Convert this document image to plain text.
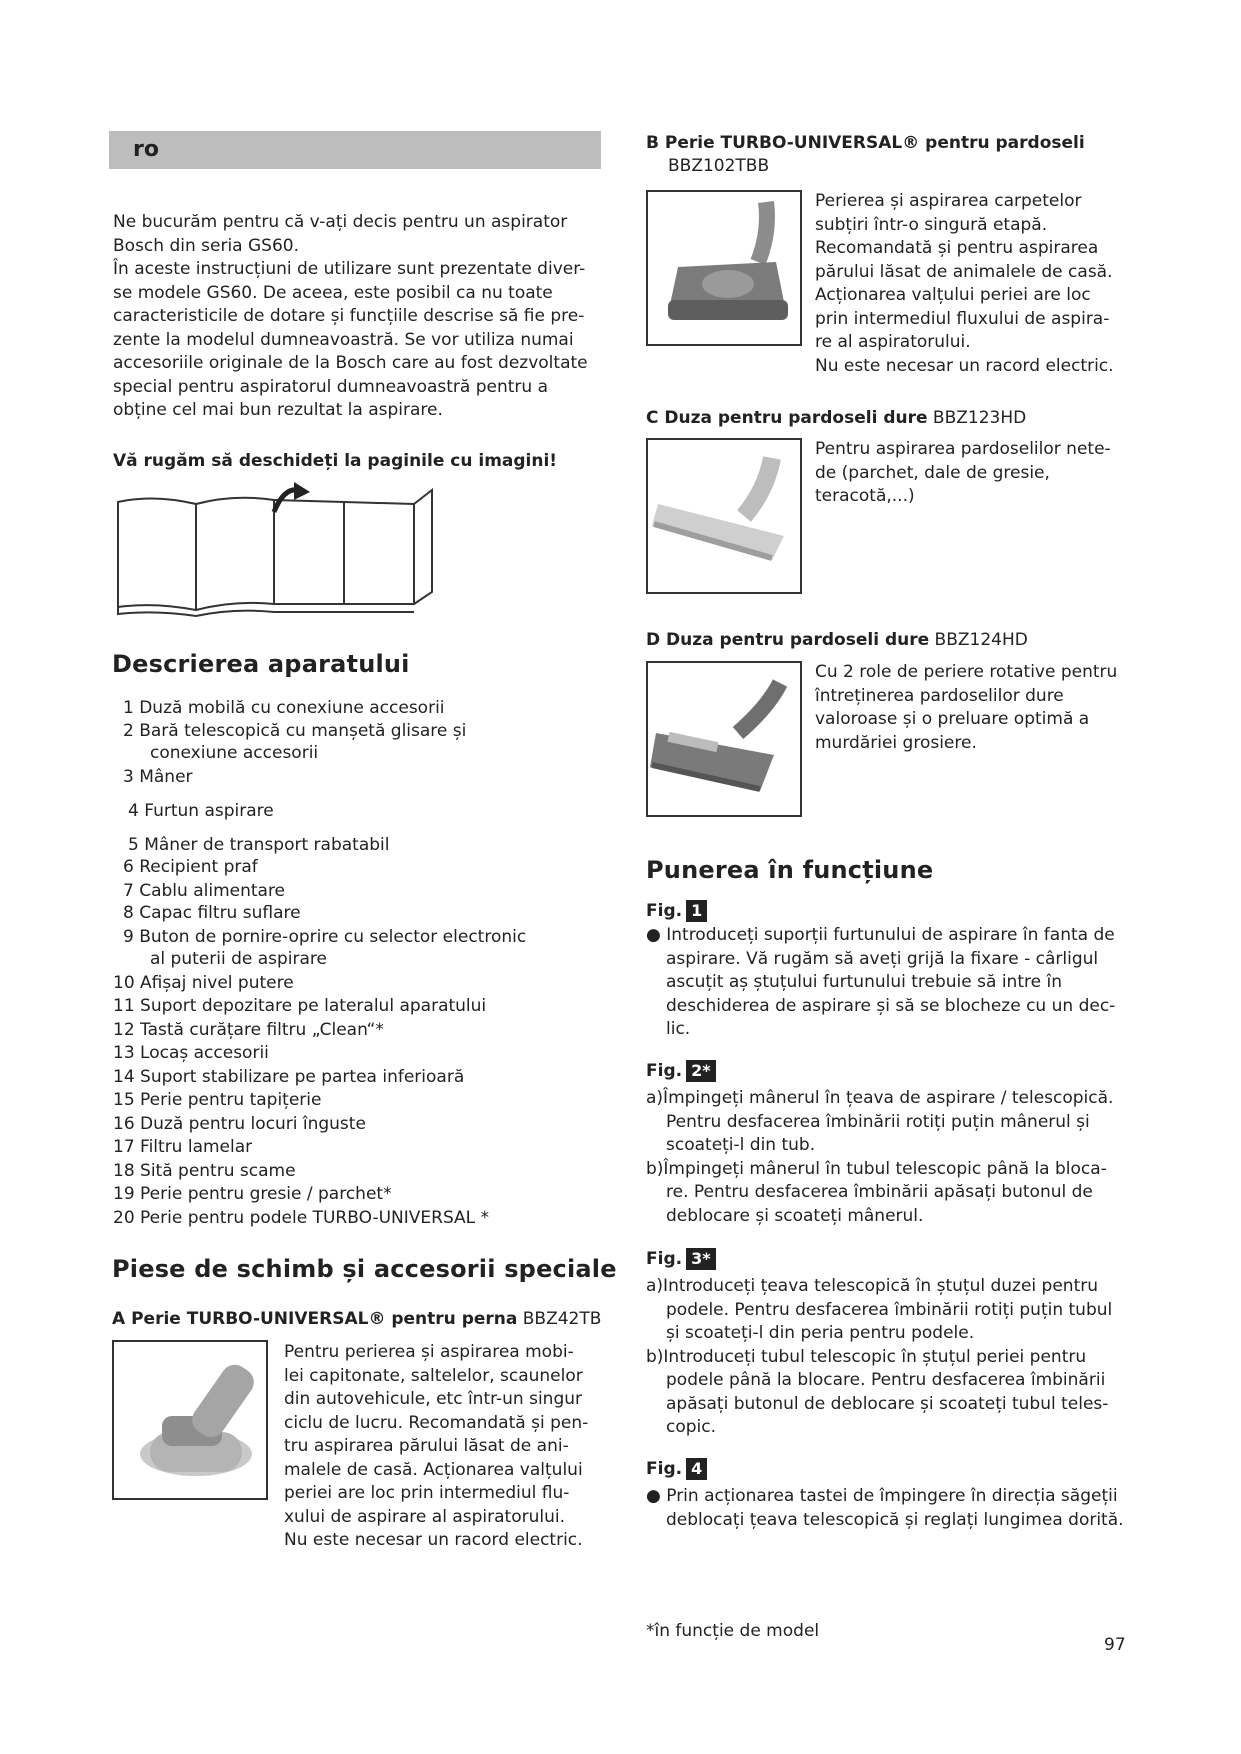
ro
Ne bucurăm pentru că v-ați decis pentru un aspirator
Bosch din seria GS60.
În aceste instrucțiuni de utilizare sunt prezentate diver-
se modele GS60. De aceea, este posibil ca nu toate
caracteristicile de dotare și funcțiile descrise să fie pre-
zente la modelul dumneavoastră. Se vor utiliza numai
accesoriile originale de la Bosch care au fost dezvoltate
special pentru aspiratorul dumneavoastră pentru a
obține cel mai bun rezultat la aspirare.
Vă rugăm să deschideți la paginile cu imagini!
Descrierea aparatului
1 Duză mobilă cu conexiune accesorii
2 Bară telescopică cu manșetă glisare și
conexiune accesorii
3 Mâner
4 Furtun aspirare
5 Mâner de transport rabatabil
6 Recipient praf
7 Cablu alimentare
8 Capac filtru suflare
9 Buton de pornire-oprire cu selector electronic
al puterii de aspirare
10 Afișaj nivel putere
11 Suport depozitare pe lateralul aparatului
12 Tastă curățare filtru „Clean“*
13 Locaș accesorii
14 Suport stabilizare pe partea inferioară
15 Perie pentru tapițerie
16 Duză pentru locuri înguste
17 Filtru lamelar
18 Sită pentru scame
19 Perie pentru gresie / parchet*
20 Perie pentru podele TURBO-UNIVERSAL *
Piese de schimb și accesorii speciale
A Perie TURBO-UNIVERSAL® pentru perna BBZ42TB
Pentru perierea și aspirarea mobi-
lei capitonate, saltelelor, scaunelor
din autovehicule, etc într-un singur
ciclu de lucru. Recomandată și pen-
tru aspirarea părului lăsat de ani-
malele de casă. Acționarea valțului
periei are loc prin intermediul flu-
xului de aspirare al aspiratorului.
Nu este necesar un racord electric.
B Perie TURBO-UNIVERSAL® pentru pardoseli
BBZ102TBB
Perierea și aspirarea carpetelor
subțiri într-o singură etapă.
Recomandată și pentru aspirarea
părului lăsat de animalele de casă.
Acționarea valțului periei are loc
prin intermediul fluxului de aspira-
re al aspiratorului.
Nu este necesar un racord electric.
C Duza pentru pardoseli dure BBZ123HD
Pentru aspirarea pardoselilor nete-
de (parchet, dale de gresie,
teracotă,...)
D Duza pentru pardoseli dure BBZ124HD
Cu 2 role de periere rotative pentru
întreținerea pardoselilor dure
valoroase și o preluare optimă a
murdăriei grosiere.
Punerea în funcțiune
Fig. 1
● Introduceți suporții furtunului de aspirare în fanta de
aspirare. Vă rugăm să aveți grijă la fixare - cârligul
ascuțit aș ștuțului furtunului trebuie să intre în
deschiderea de aspirare și să se blocheze cu un dec-
lic.
Fig. 2*
a)Împingeți mânerul în țeava de aspirare / telescopică.
Pentru desfacerea îmbinării rotiți puțin mânerul și
scoateți-l din tub.
b)Împingeți mânerul în tubul telescopic până la bloca-
re. Pentru desfacerea îmbinării apăsați butonul de
deblocare și scoateți mânerul.
Fig. 3*
a)Introduceți țeava telescopică în ștuțul duzei pentru
podele. Pentru desfacerea îmbinării rotiți puțin tubul
și scoateți-l din peria pentru podele.
b)Introduceți tubul telescopic în ștuțul periei pentru
podele până la blocare. Pentru desfacerea îmbinării
apăsați butonul de deblocare și scoateți tubul teles-
copic.
Fig. 4
● Prin acționarea tastei de împingere în direcția săgeții
deblocați țeava telescopică și reglați lungimea dorită.
*în funcție de model
97
